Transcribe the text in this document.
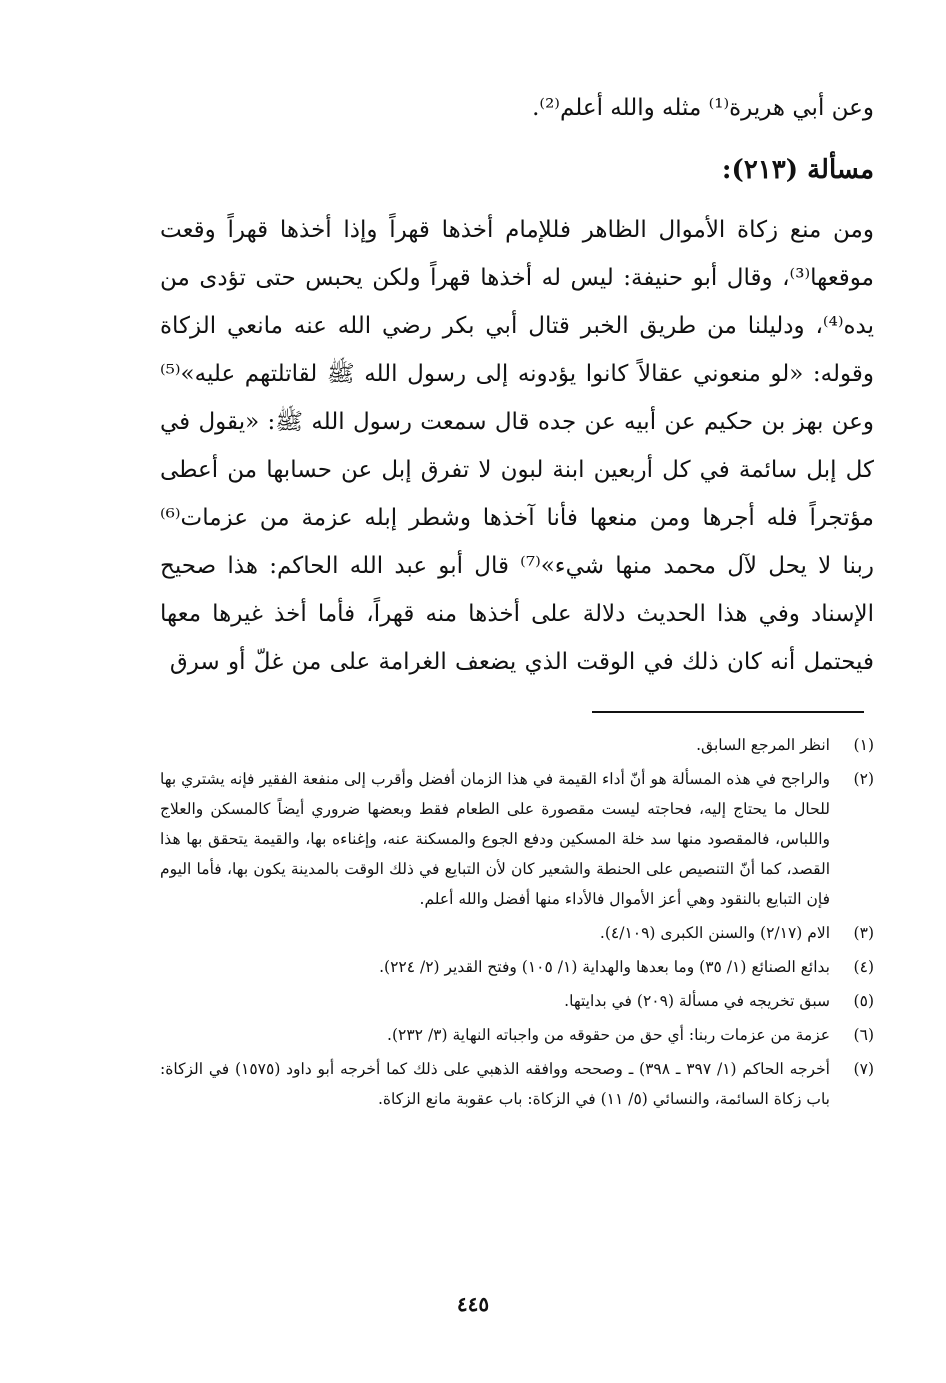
وعن أبي هريرة⁽¹⁾ مثله والله أعلم⁽²⁾.

مسألة (٢١٣):

ومن منع زكاة الأموال الظاهر فللإمام أخذها قهراً وإذا أخذها قهراً وقعت موقعها⁽³⁾، وقال أبو حنيفة: ليس له أخذها قهراً ولكن يحبس حتى تؤدى من يده⁽⁴⁾، ودليلنا من طريق الخبر قتال أبي بكر رضي الله عنه مانعي الزكاة وقوله: «لو منعوني عقالاً كانوا يؤدونه إلى رسول الله ﷺ لقاتلتهم عليه»⁽⁵⁾ وعن بهز بن حكيم عن أبيه عن جده قال سمعت رسول الله ﷺ: «يقول في كل إبل سائمة في كل أربعين ابنة لبون لا تفرق إبل عن حسابها من أعطى مؤتجراً فله أجرها ومن منعها فأنا آخذها وشطر إبله عزمة من عزمات⁽⁶⁾ ربنا لا يحل لآل محمد منها شيء»⁽⁷⁾ قال أبو عبد الله الحاكم: هذا صحيح الإسناد وفي هذا الحديث دلالة على أخذها منه قهراً، فأما أخذ غيرها معها فيحتمل أنه كان ذلك في الوقت الذي يضعف الغرامة على من غلّ أو سرق

(١)
انظر المرجع السابق.
(٢)
والراجح في هذه المسألة هو أنّ أداء القيمة في هذا الزمان أفضل وأقرب إلى منفعة الفقير فإنه يشتري بها للحال ما يحتاج إليه، فحاجته ليست مقصورة على الطعام فقط وبعضها ضروري أيضاً كالمسكن والعلاج واللباس، فالمقصود منها سد خلة المسكين ودفع الجوع والمسكنة عنه، وإغناءه بها، والقيمة يتحقق بها هذا القصد، كما أنّ التنصيص على الحنطة والشعير كان لأن التبايع في ذلك الوقت بالمدينة يكون بها، فأما اليوم فإن التبايع بالنقود وهي أعز الأموال فالأداء منها أفضل والله أعلم.
(٣)
الام (٢/١٧) والسنن الكبرى (٤/١٠٩).
(٤)
بدائع الصنائع (١/ ٣٥) وما بعدها والهداية (١/ ١٠٥) وفتح القدير (٢/ ٢٢٤).
(٥)
سبق تخريجه في مسألة (٢٠٩) في بدايتها.
(٦)
عزمة من عزمات ربنا: أي حق من حقوقه من واجباته النهاية (٣/ ٢٣٢).
(٧)
أخرجه الحاكم (١/ ٣٩٧ ـ ٣٩٨) ـ وصححه ووافقه الذهبي على ذلك كما أخرجه أبو داود (١٥٧٥) في الزكاة: باب زكاة السائمة، والنسائي (٥/ ١١) في الزكاة: باب عقوبة مانع الزكاة.
٤٤٥
